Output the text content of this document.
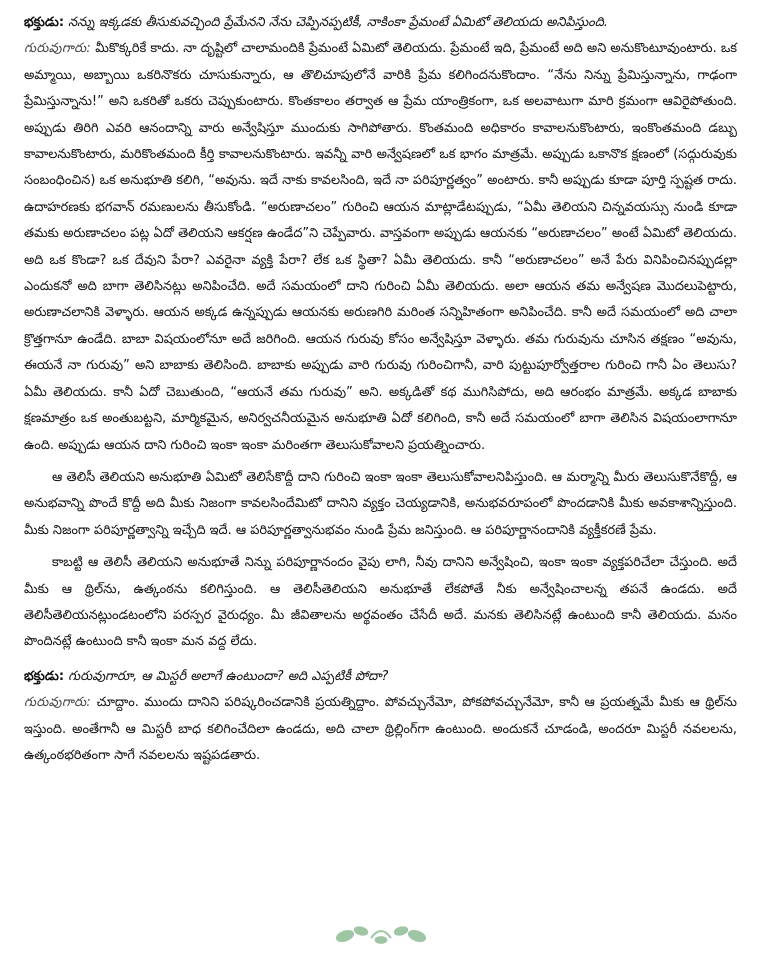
భక్తుడు: నన్ను ఇక్కడకు తీసుకువచ్చింది ప్రేమేనని నేను చెప్పినప్పటికీ, నాకింకా ప్రేమంటే ఏమిటో తెలియదు అనిపిస్తుంది.

గురువుగారు: మీకొక్కరికే కాదు. నా దృష్టిలో చాలామందికి ప్రేమంటే ఏమిటో తెలియదు. ప్రేమంటే ఇది, ప్రేమంటే అది అని అనుకొంటూవుంటారు. ఒక అమ్మాయి, అబ్బాయి ఒకరినొకరు చూసుకున్నారు, ఆ తొలిచూపులోనే వారికి ప్రేమ కలిగిందనుకొందాం. “నేను నిన్ను ప్రేమిస్తున్నాను, గాఢంగా ప్రేమిస్తున్నాను!” అని ఒకరితో ఒకరు చెప్పుకుంటారు. కొంతకాలం తర్వాత ఆ ప్రేమ యాంత్రికంగా, ఒక అలవాటుగా మారి క్రమంగా ఆవిరైపోతుంది. అప్పుడు తిరిగి ఎవరి ఆనందాన్ని వారు అన్వేషిస్తూ ముందుకు సాగిపోతారు. కొంతమంది అధికారం కావాలనుకొంటారు, ఇంకొంతమంది డబ్బు కావాలనుకొంటారు, మరికొంతమంది కీర్తి కావాలనుకొంటారు. ఇవన్నీ వారి అన్వేషణలో ఒక భాగం మాత్రమే. అప్పుడు ఒకానొక క్షణంలో (సద్గురువుకు సంబంధించిన) ఒక అనుభూతి కలిగి, “అవును. ఇదే నాకు కావలసింది, ఇదే నా పరిపూర్ణత్వం” అంటారు. కానీ అప్పుడు కూడా పూర్తి స్పష్టత రాదు. ఉదాహరణకు భగవాన్ రమణులను తీసుకోండి. “అరుణాచలం” గురించి ఆయన మాట్లాడేటప్పుడు, “ఏమీ తెలియని చిన్నవయస్సు నుండి కూడా తమకు అరుణాచలం పట్ల ఏదో తెలియని ఆకర్షణ ఉండేద”ని చెప్పేవారు. వాస్తవంగా అప్పుడు ఆయనకు “అరుణాచలం” అంటే ఏమిటో తెలియదు. అది ఒక కొండా? ఒక దేవుని పేరా? ఎవరైనా వ్యక్తి పేరా? లేక ఒక స్థితా? ఏమీ తెలియదు. కానీ “అరుణాచలం” అనే పేరు వినిపించినప్పుడల్లా ఎందుకనో అది బాగా తెలిసినట్లు అనిపించేది. అదే సమయంలో దాని గురించి ఏమీ తెలియదు. అలా ఆయన తమ అన్వేషణ మొదలుపెట్టారు, అరుణాచలానికి వెళ్ళారు. ఆయన అక్కడ ఉన్నప్పుడు ఆయనకు అరుణగిరి మరింత సన్నిహితంగా అనిపించేది. కానీ అదే సమయంలో అది చాలా క్రొత్తగానూ ఉండేది. బాబా విషయంలోనూ అదే జరిగింది. ఆయన గురువు కోసం అన్వేషిస్తూ వెళ్ళారు. తమ గురువును చూసిన తక్షణం “అవును, ఈయనే నా గురువు” అని బాబాకు తెలిసింది. బాబాకు అప్పుడు వారి గురువు గురించిగానీ, వారి పుట్టుపూర్వోత్తరాల గురించి గానీ ఏం తెలుసు? ఏమీ తెలియదు. కానీ ఏదో చెబుతుంది, “ఆయనే తమ గురువు” అని. అక్కడితో కథ ముగిసిపోదు, అది ఆరంభం మాత్రమే. అక్కడ బాబాకు క్షణమాత్రం ఒక అంతుబట్టని, మార్మికమైన, అనిర్వచనీయమైన అనుభూతి ఏదో కలిగింది, కానీ అదే సమయంలో బాగా తెలిసిన విషయంలాగానూ ఉంది. అప్పుడు ఆయన దాని గురించి ఇంకా ఇంకా మరింతగా తెలుసుకోవాలని ప్రయత్నించారు.

ఆ తెలిసీ తెలియని అనుభూతి ఏమిటో తెలిసేకొద్దీ దాని గురించి ఇంకా ఇంకా తెలుసుకోవాలనిపిస్తుంది. ఆ మర్మాన్ని మీరు తెలుసుకొనేకొద్దీ, ఆ అనుభవాన్ని పొందే కొద్దీ అది మీకు నిజంగా కావలసిందేమిటో దానిని వ్యక్తం చెయ్యడానికి, అనుభవరూపంలో పొందడానికి మీకు అవకాశాన్నిస్తుంది. మీకు నిజంగా పరిపూర్ణత్వాన్ని ఇచ్చేది ఇదే. ఆ పరిపూర్ణత్వానుభవం నుండి ప్రేమ జనిస్తుంది. ఆ పరిపూర్ణానందానికి వ్యక్తీకరణే ప్రేమ.

కాబట్టి ఆ తెలిసీ తెలియని అనుభూతే నిన్ను పరిపూర్ణానందం వైపు లాగి, నీవు దానిని అన్వేషించి, ఇంకా ఇంకా వ్యక్తపరిచేలా చేస్తుంది. అదే మీకు ఆ థ్రిల్‌ను, ఉత్కంఠను కలిగిస్తుంది. ఆ తెలిసీతెలియని అనుభూతే లేకపోతే నీకు అన్వేషించాలన్న తపనే ఉండదు. అదే తెలిసీతెలియనట్లుండటంలోని పరస్పర వైరుధ్యం. మీ జీవితాలను అర్థవంతం చేసేదీ అదే. మనకు తెలిసినట్లే ఉంటుంది కానీ తెలియదు. మనం పొందినట్లే ఉంటుంది కానీ ఇంకా మన వద్ద లేదు.

భక్తుడు: గురువుగారూ, ఆ మిస్టరీ అలాగే ఉంటుందా? అది ఎప్పటికీ పోదా?

గురువుగారు: చూద్దాం. ముందు దానిని పరిష్కరించడానికి ప్రయత్నిద్దాం. పోవచ్చునేమో, పోకపోవచ్చునేమో, కానీ ఆ ప్రయత్నమే మీకు ఆ థ్రిల్‌ను ఇస్తుంది. అంతేగానీ ఆ మిస్టరీ బాధ కలిగించేదిలా ఉండదు, అది చాలా థ్రిల్లింగ్‌గా ఉంటుంది. అందుకనే చూడండి, అందరూ మిస్టరీ నవలలను, ఉత్కంఠభరితంగా సాగే నవలలను ఇష్టపడతారు.
